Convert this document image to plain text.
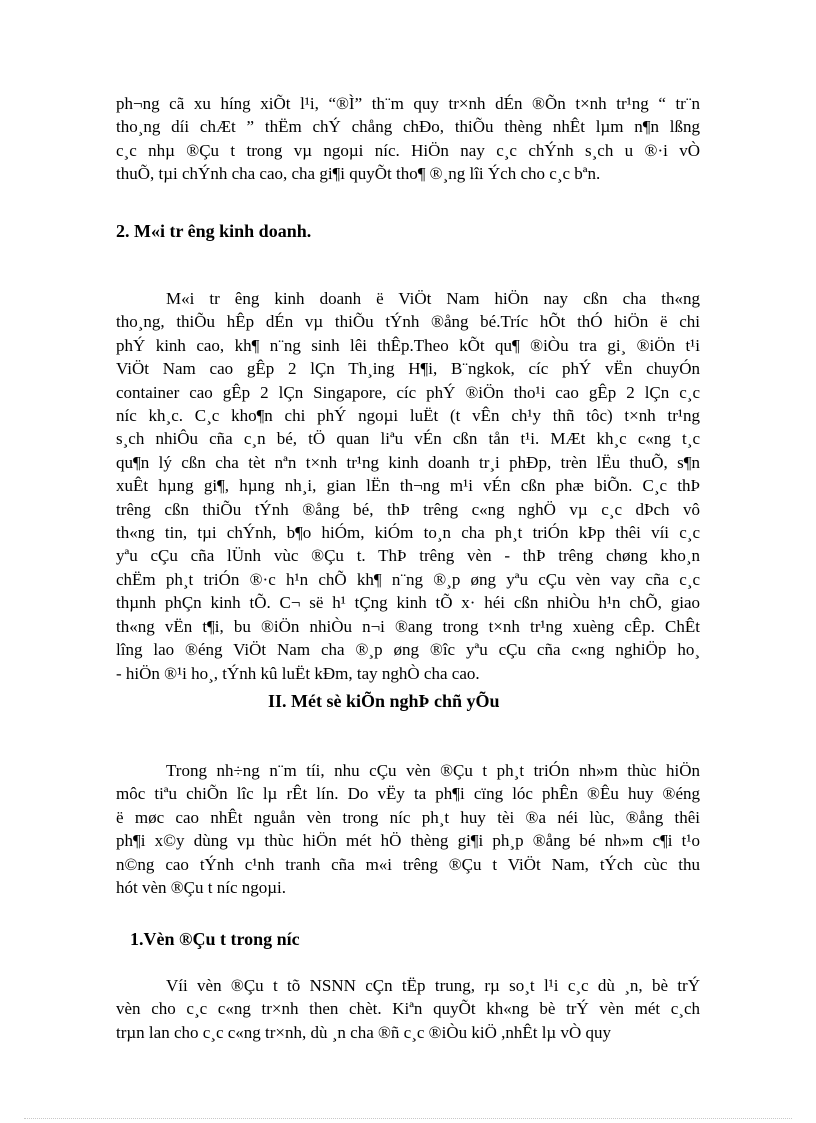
ph¬ng cã xu híng xiÕt l¹i, “®Ì” th¨m quy tr×nh dÉn ®Õn t×nh tr¹ng “ tr¨n
tho¸ng díi chÆt ” thËm chÝ chång chÐo, thiÕu thèng nhÊt lµm n¶n lßng
c¸c nhµ ®Çu t trong vµ ngoµi níc. HiÖn nay c¸c chÝnh s¸ch u ®·i vÒ
thuÕ, tµi chÝnh cha cao, cha gi¶i quyÕt tho¶ ®¸ng lîi Ých cho c¸c bªn.
2. M«i tr êng kinh doanh.
M«i tr êng kinh doanh ë ViÖt Nam hiÖn nay cßn cha th«ng
tho¸ng, thiÕu hÊp dÉn vµ thiÕu tÝnh ®ång bé.Tríc hÕt thÓ hiÖn ë chi
phÝ kinh cao, kh¶ n¨ng sinh lêi thÊp.Theo kÕt qu¶ ®iÒu tra gi¸ ®iÖn t¹i
ViÖt Nam cao gÊp 2 lÇn Th¸ing H¶i, B¨ngkok, cíc phÝ vËn chuyÓn
container cao gÊp 2 lÇn Singapore, cíc phÝ ®iÖn tho¹i cao gÊp 2 lÇn c¸c
níc kh¸c. C¸c kho¶n chi phÝ ngoµi luËt (t vÊn ch¹y thñ tôc) t×nh tr¹ng
s¸ch nhiÔu cña c¸n bé, tÖ quan liªu vÉn cßn tån t¹i. MÆt kh¸c c«ng t¸c
qu¶n lý cßn cha tèt nªn t×nh tr¹ng kinh doanh tr¸i phÐp, trèn lËu thuÕ, s¶n
xuÊt hµng gi¶, hµng nh¸i, gian lËn th¬ng m¹i vÉn cßn phæ biÕn. C¸c thÞ
trêng cßn thiÕu tÝnh ®ång bé, thÞ trêng c«ng nghÖ vµ c¸c dÞch vô
th«ng tin, tµi chÝnh, b¶o hiÓm, kiÓm to¸n cha ph¸t triÓn kÞp thêi víi c¸c
yªu cÇu cña lÜnh vùc ®Çu t. ThÞ trêng vèn - thÞ trêng chøng kho¸n
chËm ph¸t triÓn ®·c h¹n chÕ kh¶ n¨ng ®¸p øng yªu cÇu vèn vay cña c¸c
thµnh phÇn kinh tÕ. C¬ së h¹ tÇng kinh tÕ x· héi cßn nhiÒu h¹n chÕ, giao
th«ng vËn t¶i, bu ®iÖn nhiÒu n¬i ®ang trong t×nh tr¹ng xuèng cÊp. ChÊt
lîng lao ®éng ViÖt Nam cha ®¸p øng ®îc yªu cÇu cña c«ng nghiÖp ho¸
- hiÖn ®¹i ho¸, tÝnh kû luËt kÐm, tay nghÒ cha cao.
II. Mét sè kiÕn nghÞ chñ yÕu
Trong nh÷ng n¨m tíi, nhu cÇu vèn ®Çu t ph¸t triÓn nh»m thùc hiÖn
môc tiªu chiÕn lîc lµ rÊt lín. Do vËy ta ph¶i cïng lóc phÊn ®Êu huy ®éng
ë møc cao nhÊt nguån vèn trong níc ph¸t huy tèi ®a néi lùc, ®ång thêi
ph¶i x©y dùng vµ thùc hiÖn mét hÖ thèng gi¶i ph¸p ®ång bé nh»m c¶i t¹o
n©ng cao tÝnh c¹nh tranh cña m«i trêng ®Çu t ViÖt Nam, tÝch cùc thu
hót vèn ®Çu t níc ngoµi.
1.Vèn ®Çu t trong níc
Víi vèn ®Çu t tõ NSNN cÇn tËp trung, rµ so¸t l¹i c¸c dù ¸n, bè trÝ
vèn cho c¸c c«ng tr×nh then chèt. Kiªn quyÕt kh«ng bè trÝ vèn mét c¸ch
trµn lan cho c¸c c«ng tr×nh, dù ¸n cha ®ñ c¸c ®iÒu kiÖ ,nhÊt lµ vÒ quy
